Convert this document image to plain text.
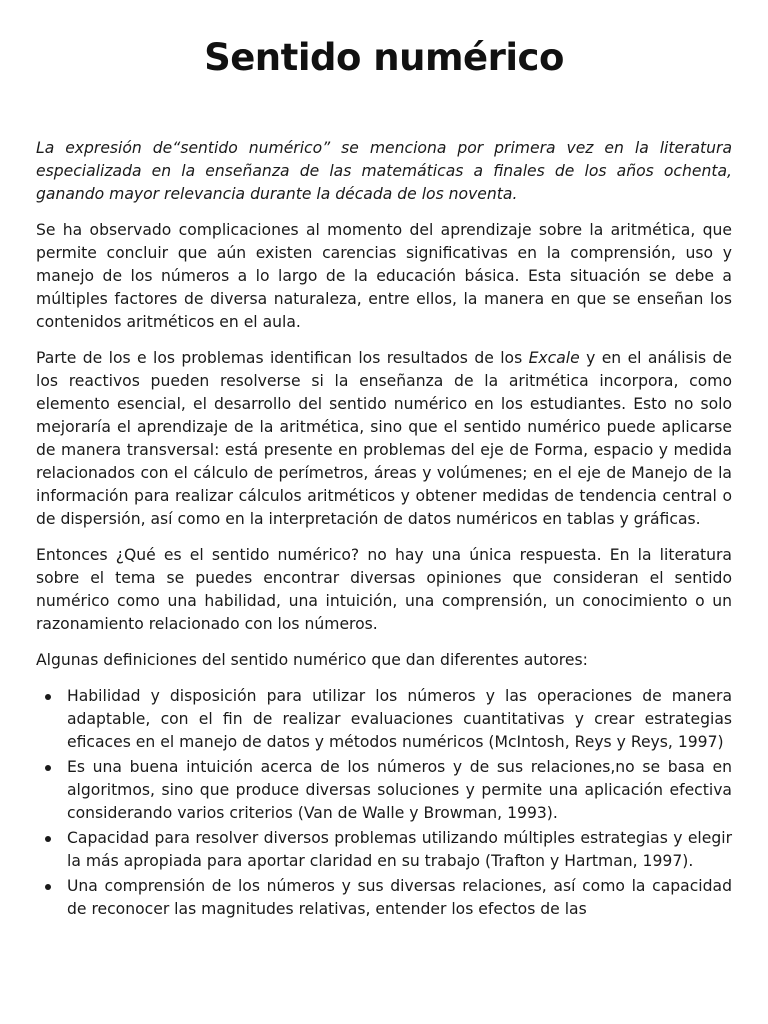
Sentido numérico

La expresión de“sentido numérico” se menciona por primera vez en la literatura especializada en la enseñanza de las matemáticas a finales de los años ochenta, ganando mayor relevancia durante la década de los noventa.

Se ha observado complicaciones al momento del aprendizaje sobre la aritmética, que permite concluir que aún existen carencias significativas en la comprensión, uso y manejo de los números a lo largo de la educación básica. Esta situación se debe a múltiples factores de diversa naturaleza, entre ellos, la manera en que se enseñan los contenidos aritméticos en el aula.

Parte de los e los problemas identifican los resultados de los Excale y en el análisis de los reactivos pueden resolverse si la enseñanza de la aritmética incorpora, como elemento esencial, el desarrollo del sentido numérico en los estudiantes. Esto no solo mejoraría el aprendizaje de la aritmética, sino que el sentido numérico puede aplicarse de manera transversal: está presente en problemas del eje de Forma, espacio y medida relacionados con el cálculo de perímetros, áreas y volúmenes; en el eje de Manejo de la información para realizar cálculos aritméticos y obtener medidas de tendencia central o de dispersión, así como en la interpretación de datos numéricos en tablas y gráficas.

Entonces ¿Qué es el sentido numérico? no hay una única respuesta. En la literatura sobre el tema se puedes encontrar diversas opiniones que consideran el sentido numérico como una habilidad, una intuición, una comprensión, un conocimiento o un razonamiento relacionado con los números.

Algunas definiciones del sentido numérico que dan diferentes autores:

Habilidad y disposición para utilizar los números y las operaciones de manera adaptable, con el fin de realizar evaluaciones cuantitativas y crear estrategias eficaces en el manejo de datos y métodos numéricos (McIntosh, Reys y Reys, 1997)
Es una buena intuición acerca de los números y de sus relaciones,no se basa en algoritmos, sino que produce diversas soluciones y permite una aplicación efectiva considerando varios criterios (Van de Walle y Browman, 1993).
Capacidad para resolver diversos problemas utilizando múltiples estrategias y elegir la más apropiada para aportar claridad en su trabajo (Trafton y Hartman, 1997).
Una comprensión de los números y sus diversas relaciones, así como la capacidad de reconocer las magnitudes relativas, entender los efectos de las
